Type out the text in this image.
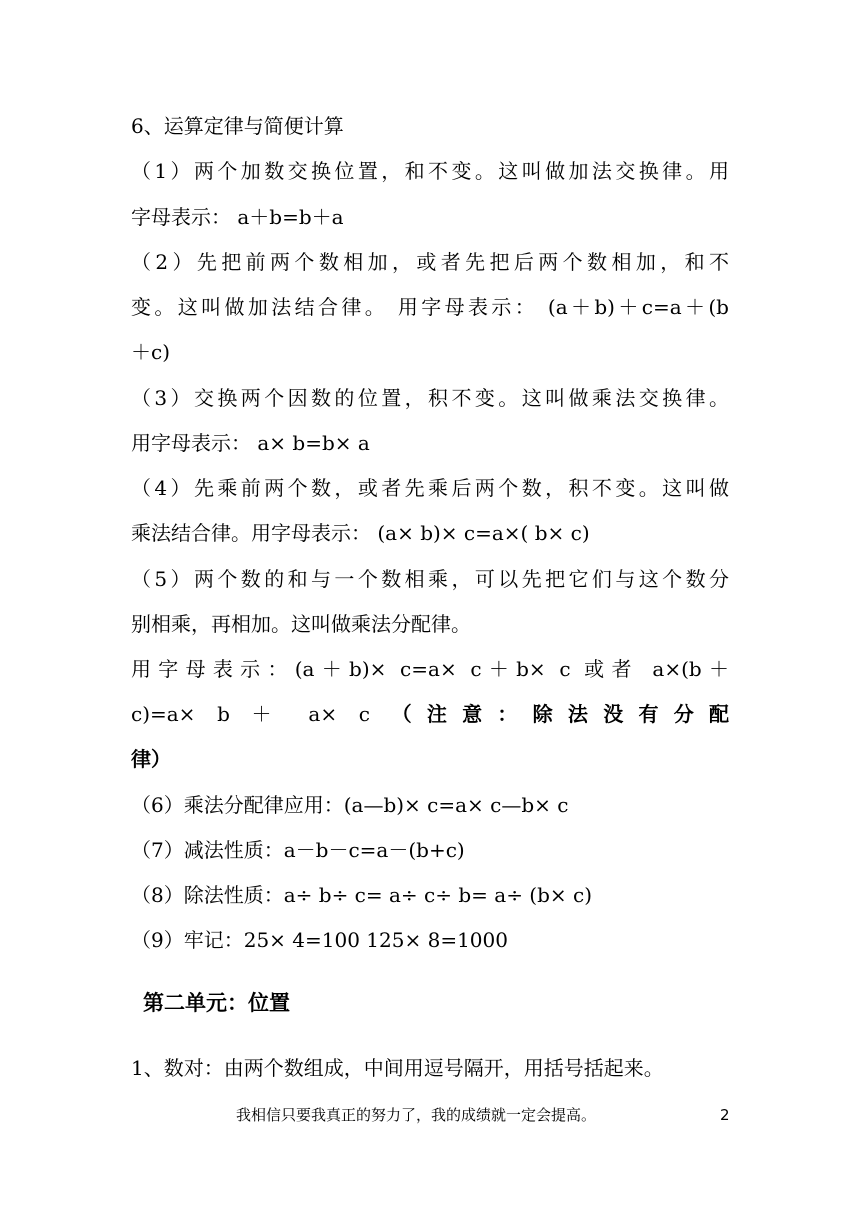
6、运算定律与简便计算
（1）两个加数交换位置，和不变。这叫做加法交换律。用
字母表示： a＋b=b＋a
（2）先把前两个数相加，或者先把后两个数相加，和不
变。这叫做加法结合律。 用字母表示： (a＋b)＋c=a＋(b
＋c)
（3）交换两个因数的位置，积不变。这叫做乘法交换律。
用字母表示： a× b=b× a
（4）先乘前两个数，或者先乘后两个数，积不变。这叫做
乘法结合律。用字母表示： (a× b)× c=a×( b× c)
（5）两个数的和与一个数相乘，可以先把它们与这个数分
别相乘，再相加。这叫做乘法分配律。
用字母表示：(a＋b)× c=a× c＋b× c 或者 a×(b＋
c)=a× b ＋ a× c （注意：除法没有分配
律）
（6）乘法分配律应用：(a—b)× c=a× c—b× c
（7）减法性质：a－b－c=a－(b+c)
（8）除法性质：a÷ b÷ c= a÷ c÷ b= a÷ (b× c)
（9）牢记：25× 4=100 125× 8=1000
第二单元：位置
1、数对：由两个数组成，中间用逗号隔开，用括号括起来。
我相信只要我真正的努力了，我的成绩就一定会提高。	2
